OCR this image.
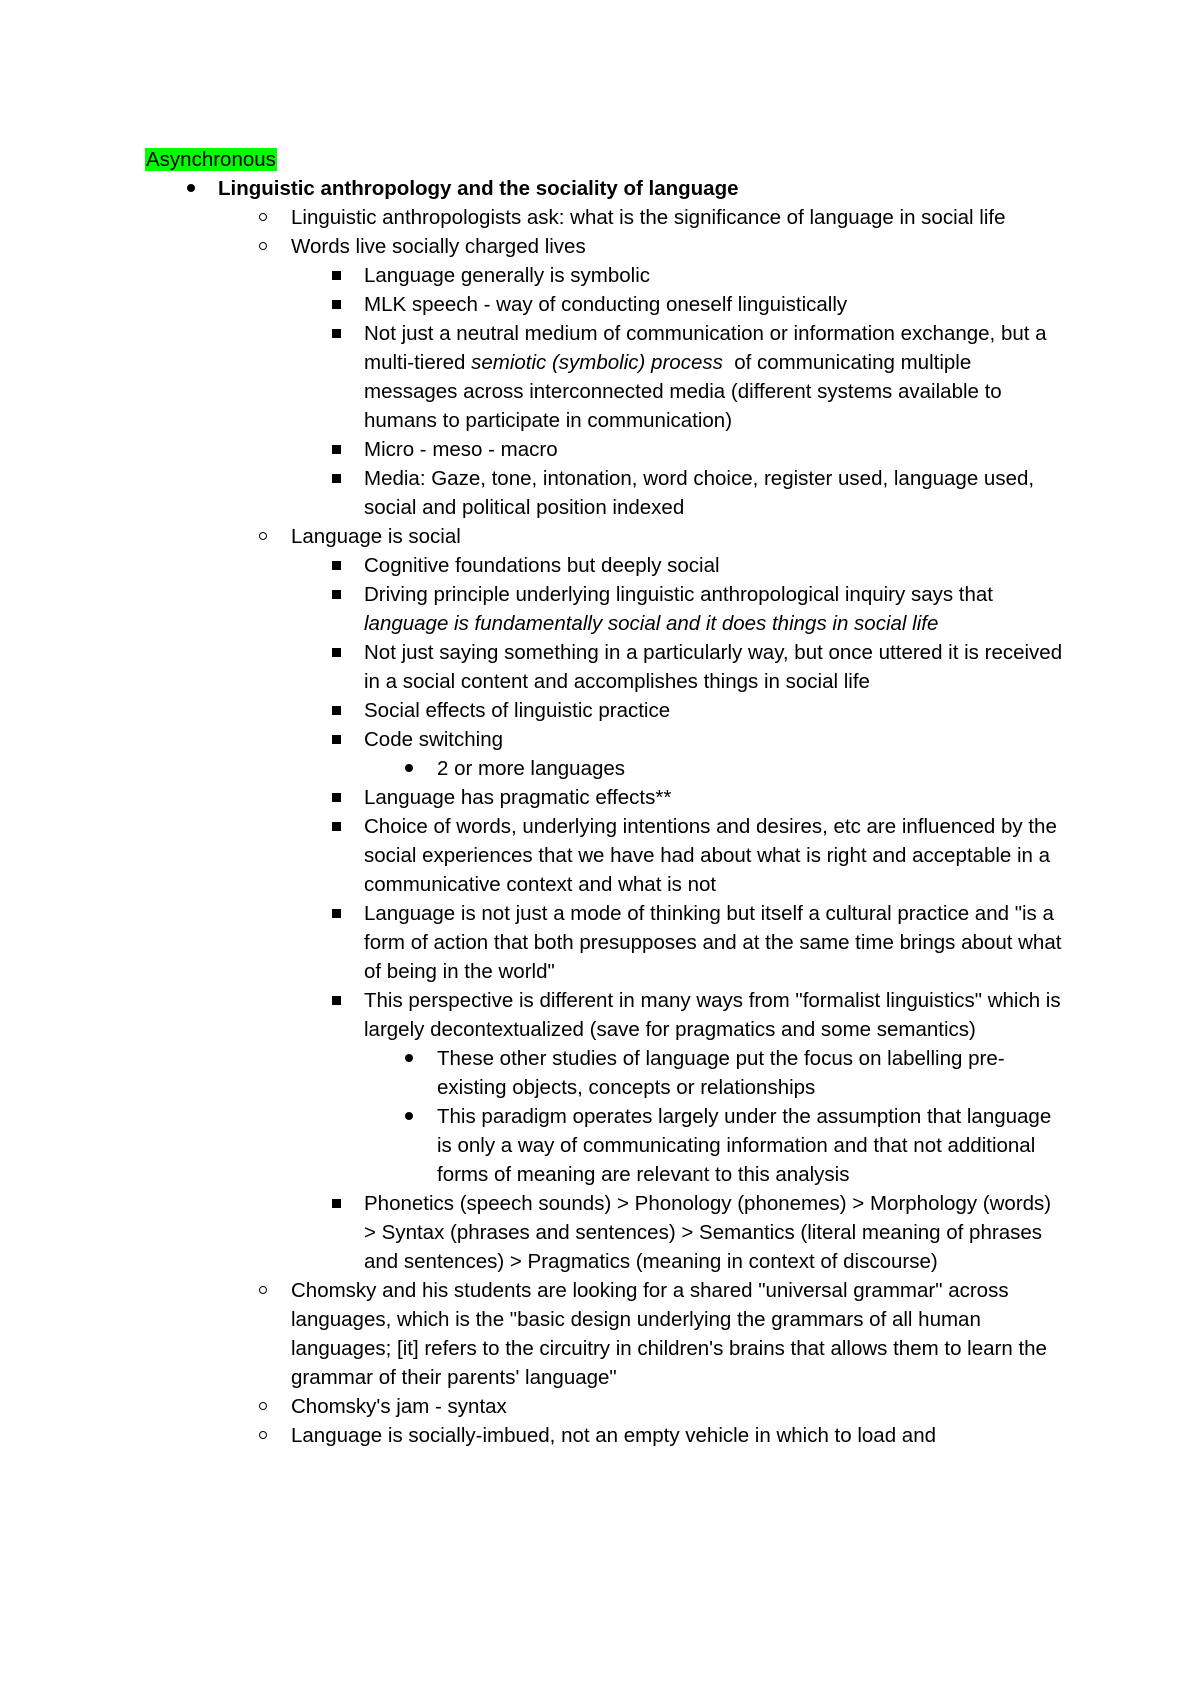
Asynchronous
Linguistic anthropology and the sociality of language
Linguistic anthropologists ask: what is the significance of language in social life
Words live socially charged lives
Language generally is symbolic
MLK speech - way of conducting oneself linguistically
Not just a neutral medium of communication or information exchange, but a multi-tiered semiotic (symbolic) process  of communicating multiple messages across interconnected media (different systems available to humans to participate in communication)
Micro - meso - macro
Media: Gaze, tone, intonation, word choice, register used, language used, social and political position indexed
Language is social
Cognitive foundations but deeply social
Driving principle underlying linguistic anthropological inquiry says that language is fundamentally social and it does things in social life
Not just saying something in a particularly way, but once uttered it is received in a social content and accomplishes things in social life
Social effects of linguistic practice
Code switching
2 or more languages
Language has pragmatic effects**
Choice of words, underlying intentions and desires, etc are influenced by the social experiences that we have had about what is right and acceptable in a communicative context and what is not
Language is not just a mode of thinking but itself a cultural practice and "is a form of action that both presupposes and at the same time brings about what of being in the world"
This perspective is different in many ways from "formalist linguistics" which is largely decontextualized (save for pragmatics and some semantics)
These other studies of language put the focus on labelling pre-existing objects, concepts or relationships
This paradigm operates largely under the assumption that language is only a way of communicating information and that not additional forms of meaning are relevant to this analysis
Phonetics (speech sounds) > Phonology (phonemes) > Morphology (words) > Syntax (phrases and sentences) > Semantics (literal meaning of phrases and sentences) > Pragmatics (meaning in context of discourse)
Chomsky and his students are looking for a shared "universal grammar" across languages, which is the "basic design underlying the grammars of all human languages; [it] refers to the circuitry in children's brains that allows them to learn the grammar of their parents' language"
Chomsky's jam - syntax
Language is socially-imbued, not an empty vehicle in which to load and
